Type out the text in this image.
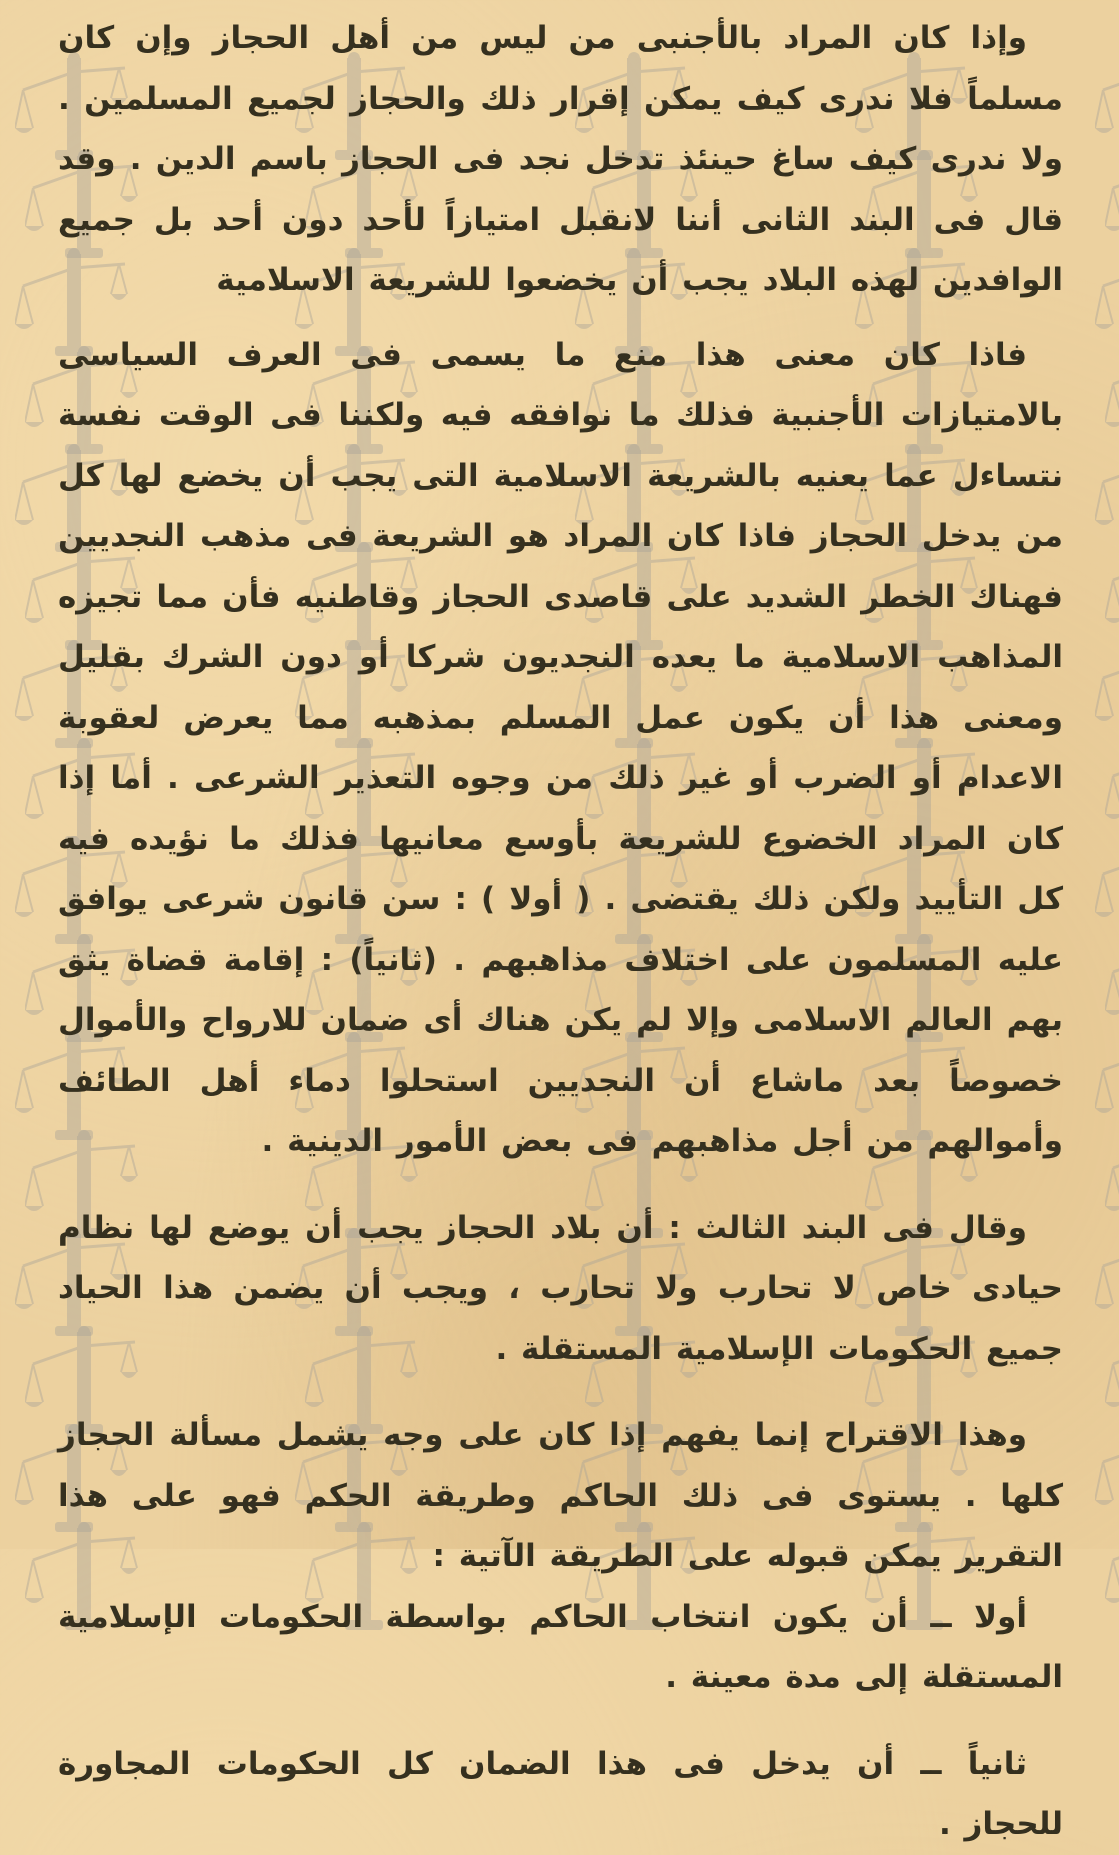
وإذا كان المراد بالأجنبى من ليس من أهل الحجاز وإن كان مسلماً فلا ندرى كيف يمكن إقرار ذلك والحجاز لجميع المسلمين . ولا ندرى كيف ساغ حينئذ تدخل نجد فى الحجاز باسم الدين . وقد قال فى البند الثانى أننا لانقبل امتيازاً لأحد دون أحد بل جميع الوافدين لهذه البلاد يجب أن يخضعوا للشريعة الاسلامية

فاذا كان معنى هذا منع ما يسمى فى العرف السياسى بالامتيازات الأجنبية فذلك ما نوافقه فيه ولكننا فى الوقت نفسة نتساءل عما يعنيه بالشريعة الاسلامية التى يجب أن يخضع لها كل من يدخل الحجاز فاذا كان المراد هو الشريعة فى مذهب النجديين فهناك الخطر الشديد على قاصدى الحجاز وقاطنيه فأن مما تجيزه المذاهب الاسلامية ما يعده النجديون شركا أو دون الشرك بقليل ومعنى هذا أن يكون عمل المسلم بمذهبه مما يعرض لعقوبة الاعدام أو الضرب أو غير ذلك من وجوه التعذير الشرعى . أما إذا كان المراد الخضوع للشريعة بأوسع معانيها فذلك ما نؤيده فيه كل التأييد ولكن ذلك يقتضى . ( أولا ) : سن قانون شرعى يوافق عليه المسلمون على اختلاف مذاهبهم . (ثانياً) : إقامة قضاة يثق بهم العالم الاسلامى وإلا لم يكن هناك أى ضمان للارواح والأموال خصوصاً بعد ماشاع أن النجديين استحلوا دماء أهل الطائف وأموالهم من أجل مذاهبهم فى بعض الأمور الدينية .

وقال فى البند الثالث : أن بلاد الحجاز يجب أن يوضع لها نظام حيادى خاص لا تحارب ولا تحارب ، ويجب أن يضمن هذا الحياد جميع الحكومات الإسلامية المستقلة .

وهذا الاقتراح إنما يفهم إذا كان على وجه يشمل مسألة الحجاز كلها . يستوى فى ذلك الحاكم وطريقة الحكم فهو على هذا التقرير يمكن قبوله على الطريقة الآتية :

أولا ــ أن يكون انتخاب الحاكم بواسطة الحكومات الإسلامية المستقلة إلى مدة معينة .

ثانياً ــ أن يدخل فى هذا الضمان كل الحكومات المجاورة للحجاز .
